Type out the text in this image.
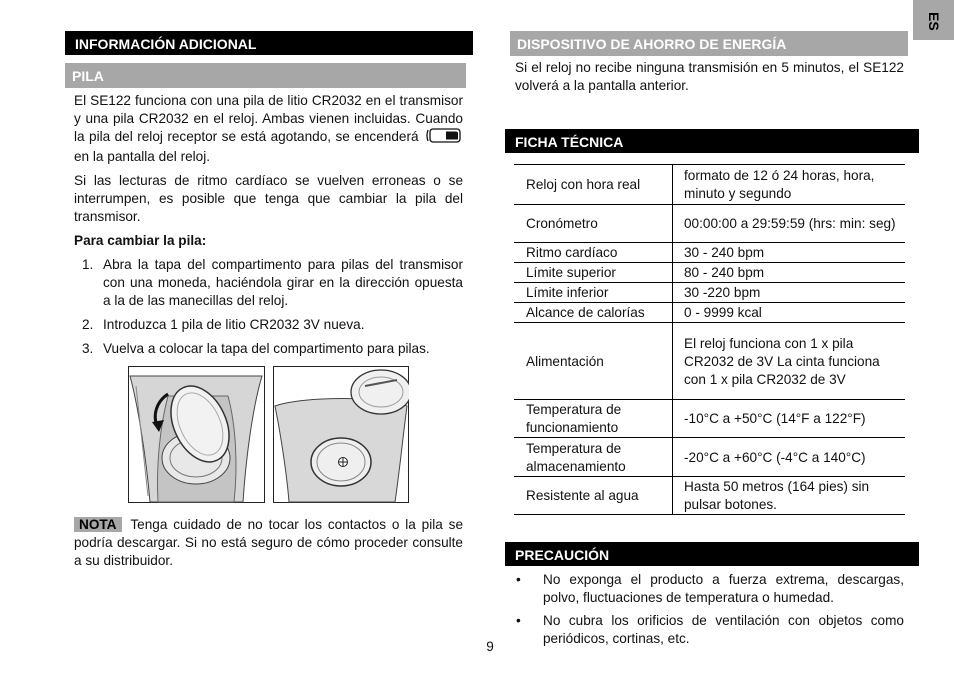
ES
INFORMACIÓN ADICIONAL
PILA

El SE122 funciona con una pila de litio CR2032 en el transmisor y una pila CR2032 en el reloj. Ambas vienen incluidas. Cuando la pila del reloj receptor se está agotando, se encenderá  en la pantalla del reloj.

Si las lecturas de ritmo cardíaco se vuelven erroneas o se interrumpen, es posible que tenga que cambiar la pila del transmisor.

Para cambiar la pila:

1. Abra la tapa del compartimento para pilas del transmisor con una moneda, haciéndola girar en la dirección opuesta a la de las manecillas del reloj.
2. Introduzca 1 pila de litio CR2032 3V nueva.
3. Vuelva a colocar la tapa del compartimento para pilas.
NOTA Tenga cuidado de no tocar los contactos o la pila se podría descargar. Si no está seguro de cómo proceder consulte a su distribuidor.
9
DISPOSITIVO DE AHORRO DE ENERGÍA

Si el reloj no recibe ninguna transmisión en 5 minutos, el SE122 volverá a la pantalla anterior.

FICHA TÉCNICA
Reloj con hora real	formato de 12 ó 24 horas, hora, minuto y segundo
Cronómetro	00:00:00 a 29:59:59 (hrs: min: seg)
Ritmo cardíaco	30 - 240 bpm
Límite superior	80 - 240 bpm
Límite inferior	30 -220 bpm
Alcance de calorías	0 - 9999 kcal
Alimentación	El reloj funciona con 1 x pila CR2032 de 3V La cinta funciona con 1 x pila CR2032 de 3V
Temperatura de funcionamiento	-10°C a +50°C (14°F a 122°F)
Temperatura de almacenamiento	-20°C a +60°C (-4°C a 140°C)
Resistente al agua	Hasta 50 metros (164 pies) sin pulsar botones.
PRECAUCIÓN
• No exponga el producto a fuerza extrema, descargas, polvo, fluctuaciones de temperatura o humedad.
• No cubra los orificios de ventilación con objetos como periódicos, cortinas, etc.
